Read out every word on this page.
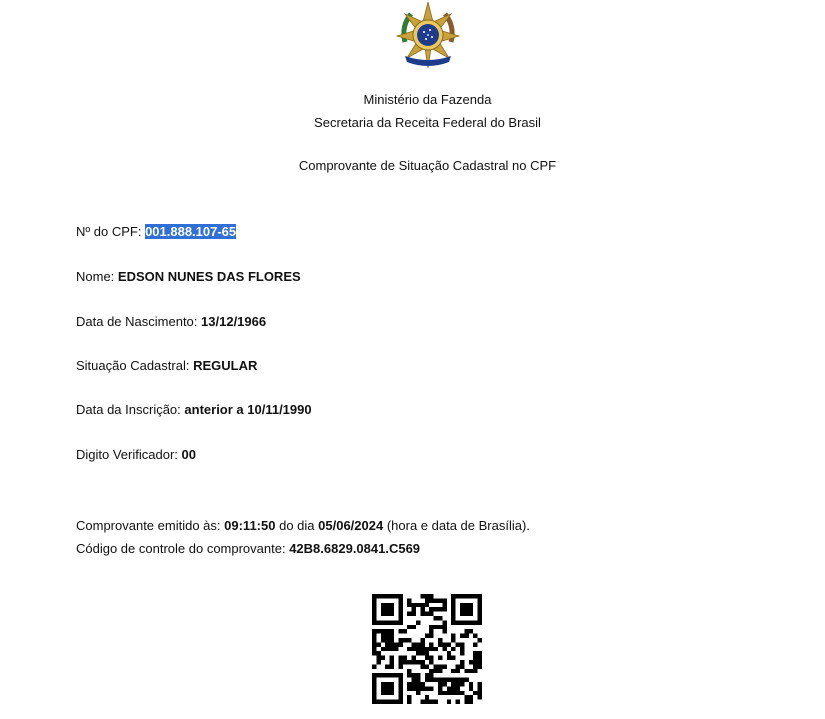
Ministério da Fazenda
Secretaria da Receita Federal do Brasil
Comprovante de Situação Cadastral no CPF
Nº do CPF: 001.888.107-65
Nome: EDSON NUNES DAS FLORES
Data de Nascimento: 13/12/1966
Situação Cadastral: REGULAR
Data da Inscrição: anterior a 10/11/1990
Digito Verificador: 00
Comprovante emitido às: 09:11:50 do dia 05/06/2024 (hora e data de Brasília).
Código de controle do comprovante: 42B8.6829.0841.C569
